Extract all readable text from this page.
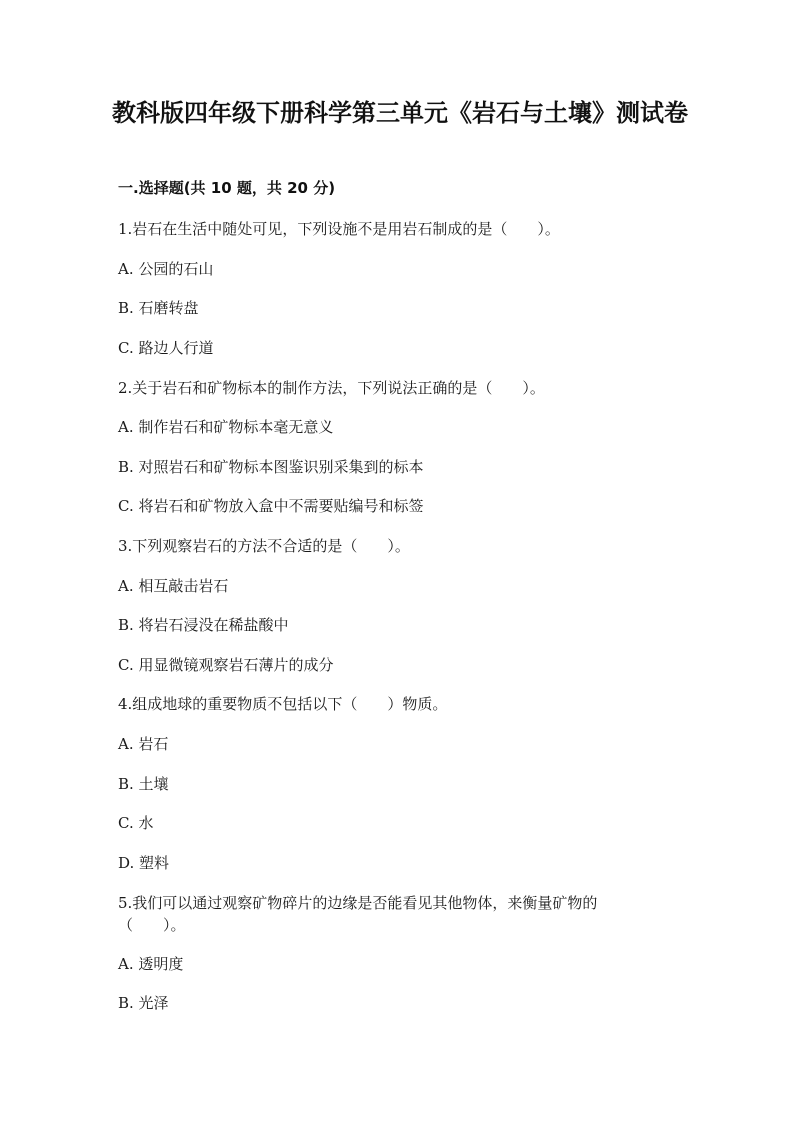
教科版四年级下册科学第三单元《岩石与土壤》测试卷
一.选择题(共 10 题，共 20 分)
1.岩石在生活中随处可见，下列设施不是用岩石制成的是（　　）。
A. 公园的石山
B. 石磨转盘
C. 路边人行道
2.关于岩石和矿物标本的制作方法，下列说法正确的是（　　）。
A. 制作岩石和矿物标本毫无意义
B. 对照岩石和矿物标本图鉴识别采集到的标本
C. 将岩石和矿物放入盒中不需要贴编号和标签
3.下列观察岩石的方法不合适的是（　　）。
A. 相互敲击岩石
B. 将岩石浸没在稀盐酸中
C. 用显微镜观察岩石薄片的成分
4.组成地球的重要物质不包括以下（　　）物质。
A. 岩石
B. 土壤
C. 水
D. 塑料
5.我们可以通过观察矿物碎片的边缘是否能看见其他物体，来衡量矿物的（　　）。
A. 透明度
B. 光泽
